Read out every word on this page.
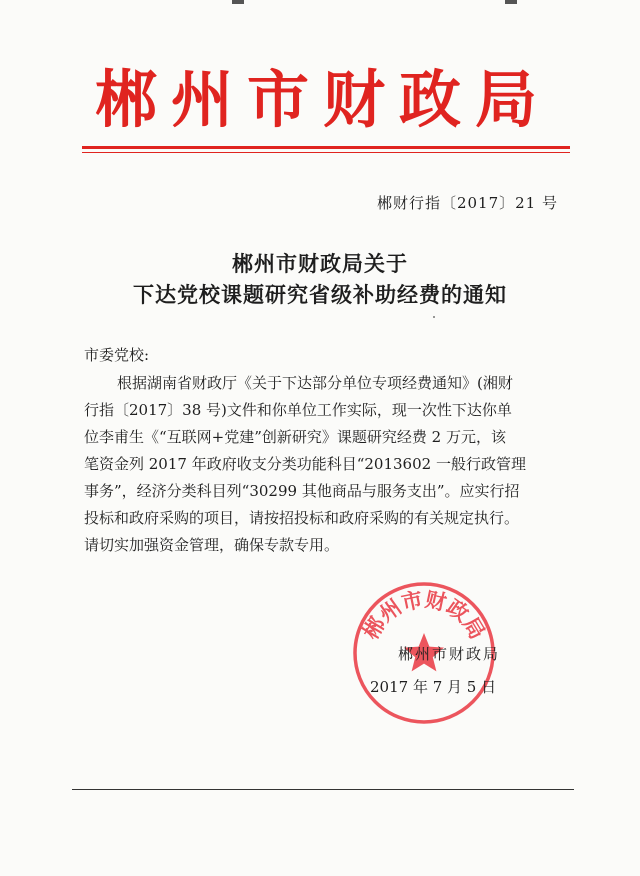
郴州市财政局
郴财行指〔2017〕21 号
郴州市财政局关于
下达党校课题研究省级补助经费的通知
市委党校:
根据湖南省财政厅《关于下达部分单位专项经费通知》(湘财
行指〔2017〕38 号)文件和你单位工作实际，现一次性下达你单
位李甫生《“互联网+党建”创新研究》课题研究经费 2 万元，该
笔资金列 2017 年政府收支分类功能科目“2013602 一般行政管理
事务”，经济分类科目列“30299 其他商品与服务支出”。应实行招
投标和政府采购的项目，请按招投标和政府采购的有关规定执行。
请切实加强资金管理，确保专款专用。
郴州市财政局
郴州市财政局
2017 年 7 月 5 日
